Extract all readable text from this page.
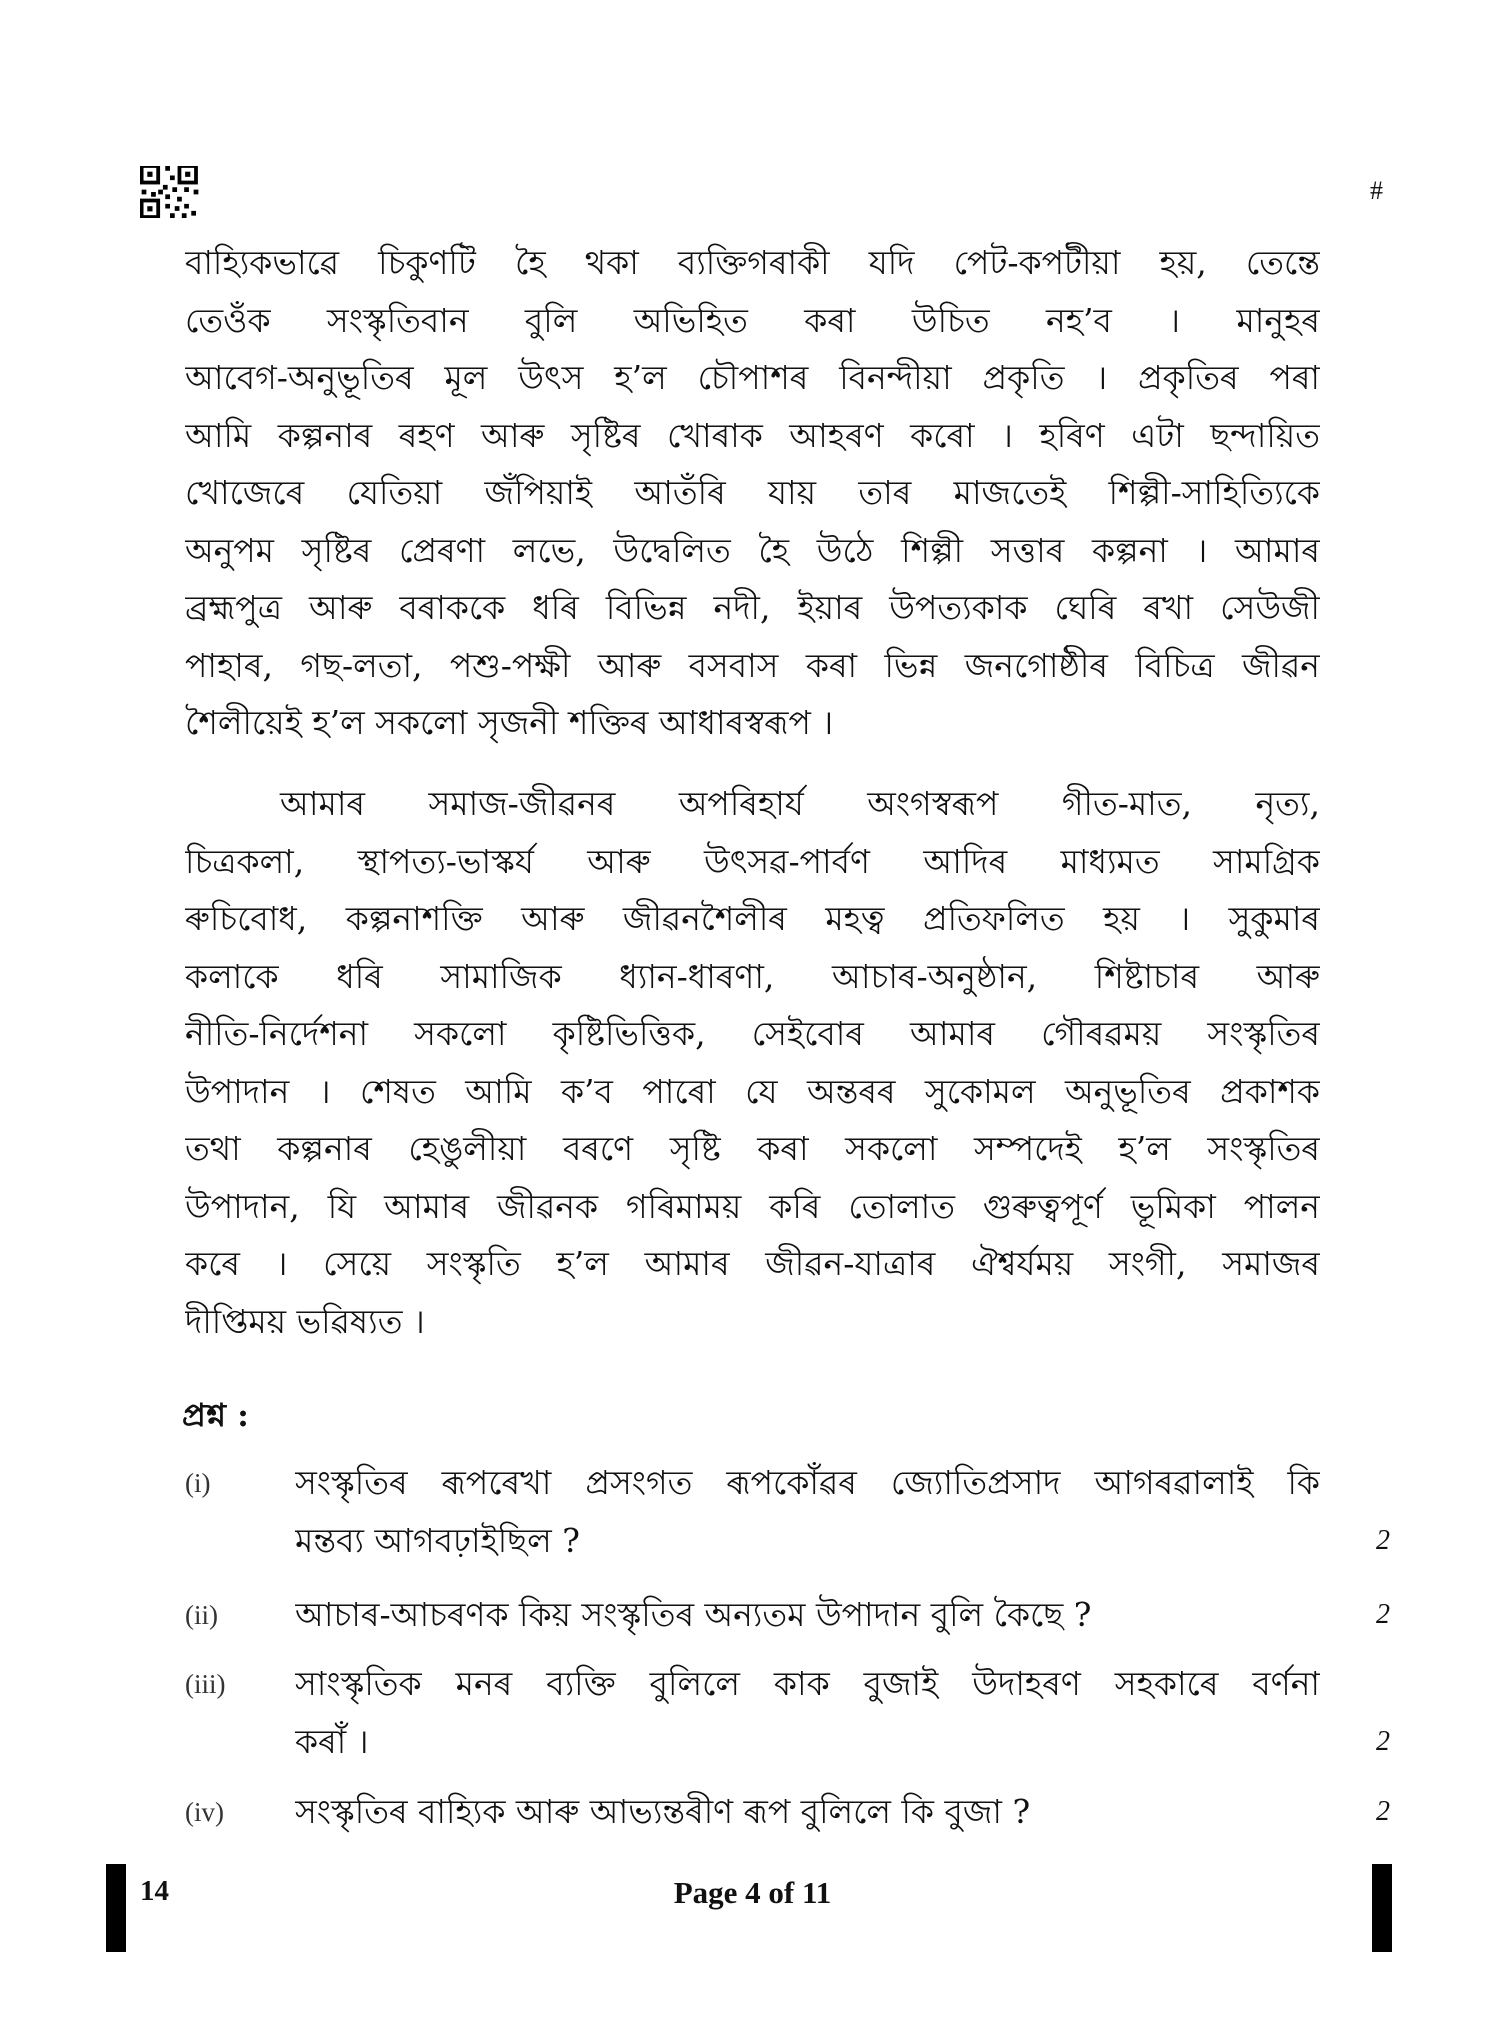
#
বাহ্যিকভাৱে চিকুণটি হৈ থকা ব্যক্তিগৰাকী যদি পেট-কপটীয়া হয়, তেন্তে
তেওঁক সংস্কৃতিবান বুলি অভিহিত কৰা উচিত নহ’ব । মানুহৰ
আবেগ-অনুভূতিৰ মূল উৎস হ’ল চৌপাশৰ বিনন্দীয়া প্ৰকৃতি । প্ৰকৃতিৰ পৰা
আমি কল্পনাৰ ৰহণ আৰু সৃষ্টিৰ খোৰাক আহৰণ কৰো । হৰিণ এটা ছন্দায়িত
খোজেৰে যেতিয়া জঁপিয়াই আতঁৰি যায় তাৰ মাজতেই শিল্পী-সাহিত্যিকে
অনুপম সৃষ্টিৰ প্ৰেৰণা লভে, উদ্বেলিত হৈ উঠে শিল্পী সত্তাৰ কল্পনা । আমাৰ
ব্ৰহ্মপুত্ৰ আৰু বৰাককে ধৰি বিভিন্ন নদী, ইয়াৰ উপত্যকাক ঘেৰি ৰখা সেউজী
পাহাৰ, গছ-লতা, পশু-পক্ষী আৰু বসবাস কৰা ভিন্ন জনগোষ্ঠীৰ বিচিত্ৰ জীৱন
শৈলীয়েই হ’ল সকলো সৃজনী শক্তিৰ আধাৰস্বৰূপ ।
আমাৰ সমাজ-জীৱনৰ অপৰিহাৰ্য অংগস্বৰূপ গীত-মাত, নৃত্য,
চিত্ৰকলা, স্থাপত্য-ভাস্কৰ্য আৰু উৎসৱ-পাৰ্বণ আদিৰ মাধ্যমত সামগ্ৰিক
ৰুচিবোধ, কল্পনাশক্তি আৰু জীৱনশৈলীৰ মহত্ব প্ৰতিফলিত হয় । সুকুমাৰ
কলাকে ধৰি সামাজিক ধ্যান-ধাৰণা, আচাৰ-অনুষ্ঠান, শিষ্টাচাৰ আৰু
নীতি-নিৰ্দেশনা সকলো কৃষ্টিভিত্তিক, সেইবোৰ আমাৰ গৌৰৱময় সংস্কৃতিৰ
উপাদান । শেষত আমি ক’ব পাৰো যে অন্তৰৰ সুকোমল অনুভূতিৰ প্ৰকাশক
তথা কল্পনাৰ হেঙুলীয়া বৰণে সৃষ্টি কৰা সকলো সম্পদেই হ’ল সংস্কৃতিৰ
উপাদান, যি আমাৰ জীৱনক গৰিমাময় কৰি তোলাত গুৰুত্বপূৰ্ণ ভূমিকা পালন
কৰে । সেয়ে সংস্কৃতি হ’ল আমাৰ জীৱন-যাত্ৰাৰ ঐশ্বৰ্যময় সংগী, সমাজৰ
দীপ্তিময় ভৱিষ্যত ।
প্ৰশ্ন :
(i)	সংস্কৃতিৰ ৰূপৰেখা প্ৰসংগত ৰূপকোঁৱৰ জ্যোতিপ্ৰসাদ আগৰৱালাই কি
মন্তব্য আগবঢ়াইছিল ?	2
(ii) আচাৰ-আচৰণক কিয় সংস্কৃতিৰ অন্যতম উপাদান বুলি কৈছে ?	2
(iii) সাংস্কৃতিক মনৰ ব্যক্তি বুলিলে কাক বুজাই উদাহৰণ সহকাৰে বৰ্ণনা
কৰাঁ ।	2
(iv) সংস্কৃতিৰ বাহ্যিক আৰু আভ্যন্তৰীণ ৰূপ বুলিলে কি বুজা ?	2
14	Page 4 of 11
